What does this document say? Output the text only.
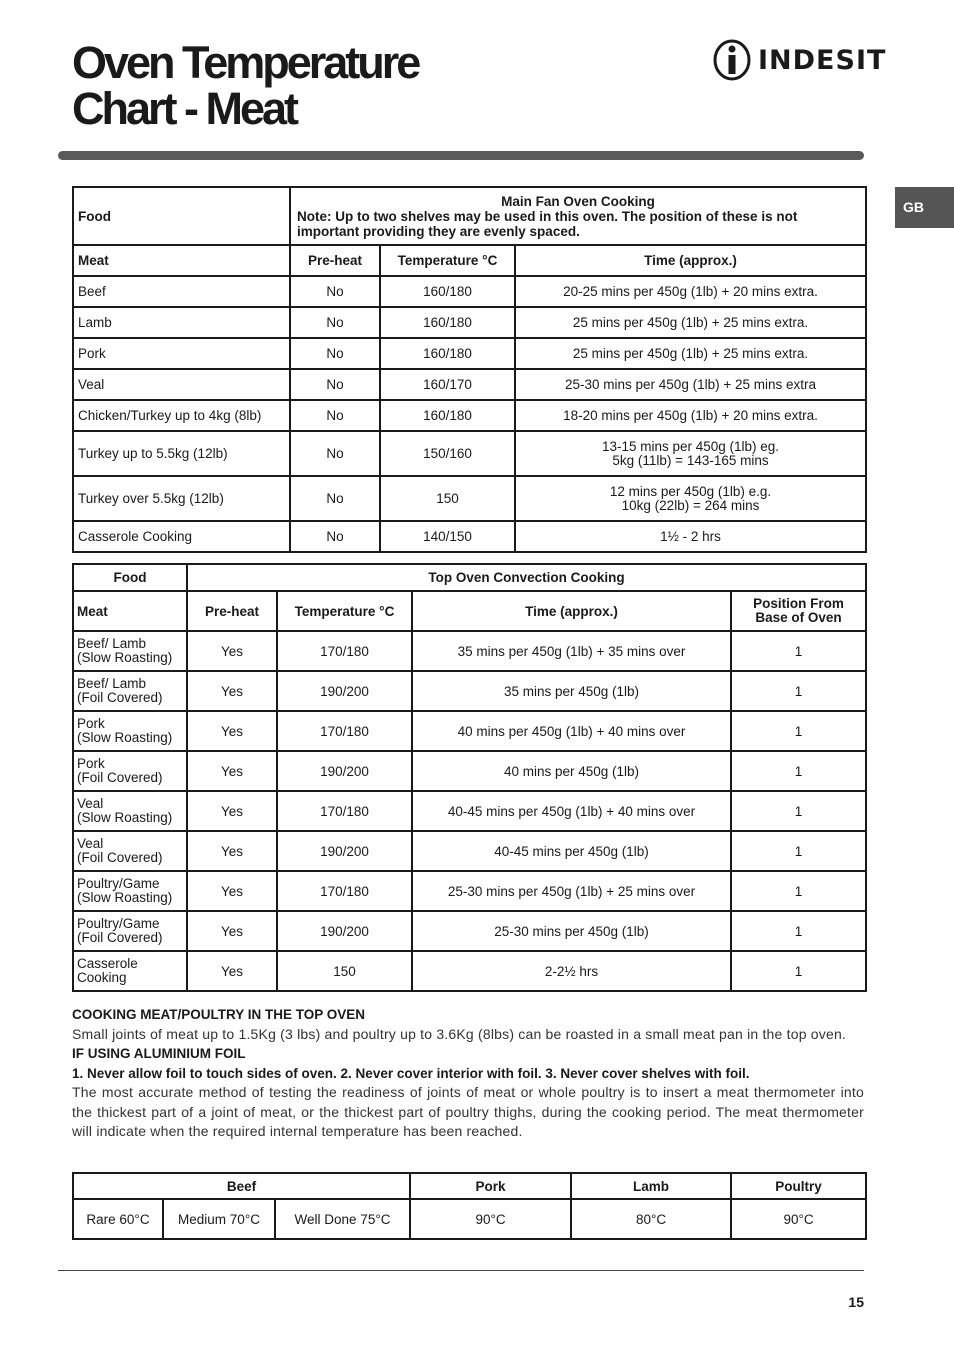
Oven Temperature
Chart - Meat
INDESIT
GB
Food	Main Fan Oven Cooking
Note: Up to two shelves may be used in this oven. The position of these is not important providing they are evenly spaced.		

Meat	Pre-heat	Temperature °C	Time (approx.)
Beef	No	160/180	20-25 mins per 450g (1lb) + 20 mins extra.
Lamb	No	160/180	25 mins per 450g (1lb) + 25 mins extra.
Pork	No	160/180	25 mins per 450g (1lb) + 25 mins extra.
Veal	No	160/170	25-30 mins per 450g (1lb) + 25 mins extra
Chicken/Turkey up to 4kg (8lb)	No	160/180	18-20 mins per 450g (1lb) + 20 mins extra.
Turkey up to 5.5kg (12lb)	No	150/160	13-15 mins per 450g (1lb) eg.
5kg (11lb) = 143-165 mins

Turkey over 5.5kg (12lb)	No	150	12 mins per 450g (1lb) e.g.
10kg (22lb) = 264 mins

Casserole Cooking	No	140/150	1½ - 2 hrs
Food	Top Oven Convection Cooking			
Meat	Pre-heat	Temperature °C	Time (approx.)	Position From
Base of Oven

Beef/ Lamb
(Slow Roasting)	Yes	170/180	35 mins per 450g (1lb) + 35 mins over	1

Beef/ Lamb
(Foil Covered)	Yes	190/200	35 mins per 450g (1lb)	1

Pork
(Slow Roasting)	Yes	170/180	40 mins per 450g (1lb) + 40 mins over	1

Pork
(Foil Covered)	Yes	190/200	40 mins per 450g (1lb)	1

Veal
(Slow Roasting)	Yes	170/180	40-45 mins per 450g (1lb) + 40 mins over	1

Veal
(Foil Covered)	Yes	190/200	40-45 mins per 450g (1lb)	1

Poultry/Game
(Slow Roasting)	Yes	170/180	25-30 mins per 450g (1lb) + 25 mins over	1

Poultry/Game
(Foil Covered)	Yes	190/200	25-30 mins per 450g (1lb)	1

Casserole
Cooking	Yes	150	2-2½ hrs	1

COOKING MEAT/POULTRY IN THE TOP OVEN

Small joints of meat up to 1.5Kg (3 lbs) and poultry up to 3.6Kg (8lbs) can be roasted in a small meat pan in the top oven.

IF USING ALUMINIUM FOIL

1. Never allow foil to touch sides of oven. 2. Never cover interior with foil. 3. Never cover shelves with foil.

The most accurate method of testing the readiness of joints of meat or whole poultry is to insert a meat thermometer into the thickest part of a joint of meat, or the thickest part of poultry thighs, during the cooking period. The meat thermometer will indicate when the required internal temperature has been reached.

Beef			Pork	Lamb	Poultry
Rare 60°C	Medium 70°C	Well Done 75°C	90°C	80°C	90°C
15
